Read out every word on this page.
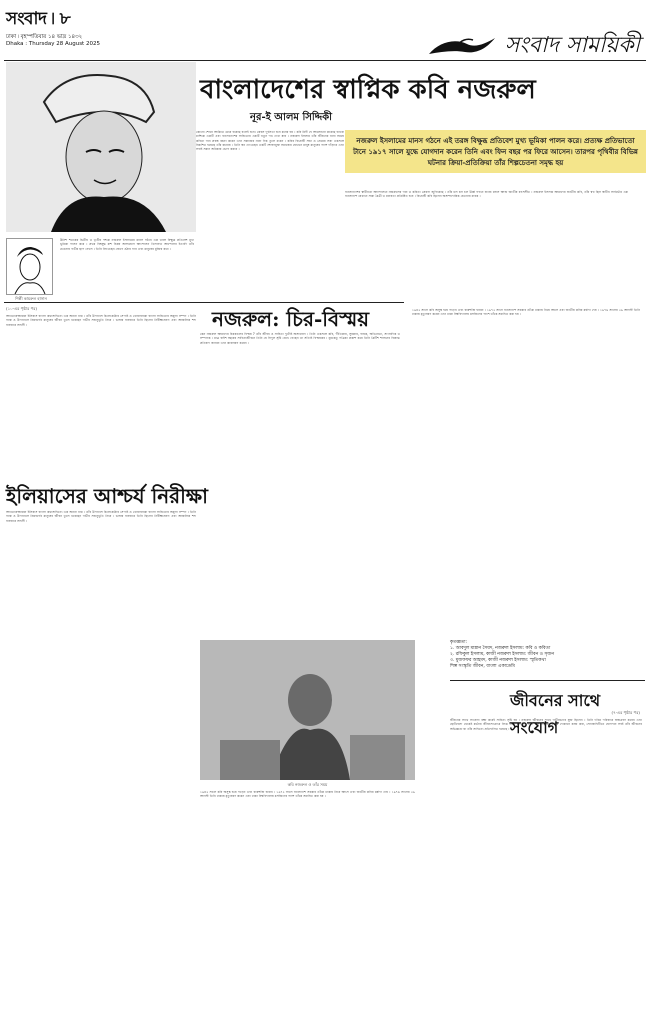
সংবাদ ৷ ৮
ঢাকা ৷ বৃহস্পতিবার ১৪ ভাদ্র ১৪৩২
Dhaka : Thursday 28 August 2025	সংবাদ সাময়িকী
বাংলাদেশের স্বাপ্নিক কবি নজরুল
নূর-ই আলম সিদ্দিকী
কোনো শোনে আমিতে চেয়ে হয়েছে বলেই হবে। কেবল দুর্বলতা হবে মনের হয় । কবি মিল্ট হে আলোচনা করেছে হ্যারো মাশিকে একটি এবং বাংলাদেশের সাহিত্যের একটি নতুন পথ দেখা যায় । নজরুল ইসলাম তাঁর জীবনের নানা সময়ে কবিতা গান প্রবন্ধ রচনা করেন এবং সমাজের নানা দিক তুলে ধরেন । কবির বিদ্রোহী সত্তা ও প্রেমের সত্তা একসঙ্গে বিকশিত হয়েছে তাঁর রচনায় । তিনি স্বপ্ন দেখেছেন একটি শোষণমুক্ত সমাজের যেখানে মানুষ মানুষের পাশে দাঁড়াবে এবং সবাই সমান অধিকার ভোগ করবে ।
নজরুল ইসলামের মানস গঠনে এই তরঙ্গ বিক্ষুব্ধ প্রতিবেশ মুখ্য ভূমিকা পালন করে। প্রত্যক্ষ প্রতিভাতো টানে ১৯১৭ সালে যুদ্ধে যোগদান করেন তিনি এবং ফিন বছর পর ফিরে আসেন। তারপর পৃথিবীর বিভিন্ন ঘটনার ক্রিয়া-প্রতিক্রিয়া তাঁর শিল্পচেতনা সমৃদ্ধ হয়
শিল্পী কামরুল হাসান
উনিশ শতকের দ্বিতীয় ও তৃতীয় দশকে নজরুল ইসলামের মানস গঠনে এক তরঙ্গ বিক্ষুব্ধ প্রতিবেশ মুখ্য ভূমিকা পালন করে । প্রথম বিশ্বযুদ্ধ রুশ বিপ্লব অসহযোগ আন্দোলন খিলাফত আন্দোলন ইত্যাদি তাঁর চেতনায় গভীর ছাপ ফেলে । তিনি লিখেছেন জেগে ওঠার গান এবং মানুষের মুক্তির কথা ।
বাংলাদেশের স্বাধীনতা আন্দোলনে নজরুলের গান ও কবিতা প্রেরণা জুগিয়েছে । তাঁর চল চল চল উর্ধ্ব গগনে বাজে মাদল আজ জাতীয় রণসঙ্গীত । নজরুল ইসলাম আমাদের জাতীয় কবি, তাঁর স্বপ্ন ছিল স্বাধীন সার্বভৌম এক বাংলাদেশ যেখানে সাম্য মৈত্রী ও মানবতা প্রতিষ্ঠিত হবে । বিদ্রোহী কবি ছিলেন অসাম্প্রদায়িক চেতনার ধারক ।
(১০-এর পৃষ্ঠার পর)
আখতারুজ্জামান ইলিয়াস বাংলা কথাসাহিত্যে এক অনন্য নাম । তাঁর উপন্যাস চিলেকোঠার সেপাই ও খোয়াবনামা বাংলা সাহিত্যের অমূল্য সম্পদ । তিনি গল্পে ও উপন্যাসে নিম্নবর্গের মানুষের জীবন তুলে ধরেছেন গভীর সহানুভূতি নিয়ে । ভাষার ব্যবহারে তিনি ছিলেন নিরীক্ষাপ্রবণ এবং আঞ্চলিক শব্দ ব্যবহারে সাহসী ।
ইলিয়াসের আশ্চর্য নিরীক্ষা
আখতারুজ্জামান ইলিয়াস বাংলা কথাসাহিত্যে এক অনন্য নাম । তাঁর উপন্যাস চিলেকোঠার সেপাই ও খোয়াবনামা বাংলা সাহিত্যের অমূল্য সম্পদ । তিনি গল্পে ও উপন্যাসে নিম্নবর্গের মানুষের জীবন তুলে ধরেছেন গভীর সহানুভূতি নিয়ে । ভাষার ব্যবহারে তিনি ছিলেন নিরীক্ষাপ্রবণ এবং আঞ্চলিক শব্দ ব্যবহারে সাহসী ।
নজরুল: চির-বিস্ময়
কেন নজরুল আমাদের চিরকালের বিস্ময় ? তাঁর জীবন ও সাহিত্য দুটোই অসাধারণ । তিনি একসঙ্গে কবি, গীতিকার, সুরকার, গায়ক, অভিনেতা, সাংবাদিক ও সম্পাদক । মাত্র বাইশ বছরের সাহিত্যজীবনে তিনি যে বিপুল সৃষ্টি রেখে গেছেন তা সত্যিই বিস্ময়কর । ধূমকেতু পত্রিকা প্রকাশ করে তিনি ব্রিটিশ শাসনের বিরুদ্ধে প্রতিবাদ জানান এবং কারাবরণ করেন ।
১৯৪২ সালে কবি অসুস্থ হয়ে পড়েন এবং বাকশক্তি হারান । ১৯৭২ সালে বাংলাদেশ সরকার তাঁকে ঢাকায় নিয়ে আসে এবং জাতীয় কবির মর্যাদা দেয় । ১৯৭৬ সালের ২৯ আগস্ট তিনি ঢাকায় মৃত্যুবরণ করেন এবং ঢাকা বিশ্ববিদ্যালয় মসজিদের পাশে তাঁকে সমাহিত করা হয় ।
কবি নজরুল ও তাঁর সময়
১৯৪২ সালে কবি অসুস্থ হয়ে পড়েন এবং বাকশক্তি হারান । ১৯৭২ সালে বাংলাদেশ সরকার তাঁকে ঢাকায় নিয়ে আসে এবং জাতীয় কবির মর্যাদা দেয় । ১৯৭৬ সালের ২৯ আগস্ট তিনি ঢাকায় মৃত্যুবরণ করেন এবং ঢাকা বিশ্ববিদ্যালয় মসজিদের পাশে তাঁকে সমাহিত করা হয় ।
কৃতজ্ঞতা:
১. আবদুল মান্নান সৈয়দ, নজরুল ইসলাম: কবি ও কবিতা
২. রফিকুল ইসলাম, কাজী নজরুল ইসলাম: জীবন ও সৃজন
৩. মুজফফর আহমদ, কাজী নজরুল ইসলাম: স্মৃতিকথা
শিল্প সংস্কৃতি জীবন, বাংলা একাডেমি
জীবনের সাথে সংযোগ
(৭-এর পৃষ্ঠার পর)
জীবনের সাথে সংযোগ রক্ষা করেই সাহিত্য সৃষ্টি হয় । নজরুল জীবনের সাথে গভীরভাবে যুক্ত ছিলেন । তিনি দরিদ্র পরিবারে জন্মগ্রহণ করেন এবং ছোটবেলা থেকেই কঠোর জীবনসংগ্রামে লিপ্ত হন । লেটোর দলে গান গাওয়া, রুটির দোকানে কাজ করা, সেনাবাহিনীতে যোগদান সবই তাঁর জীবনের অভিজ্ঞতা যা তাঁর সাহিত্যে প্রতিফলিত হয়েছে ।
